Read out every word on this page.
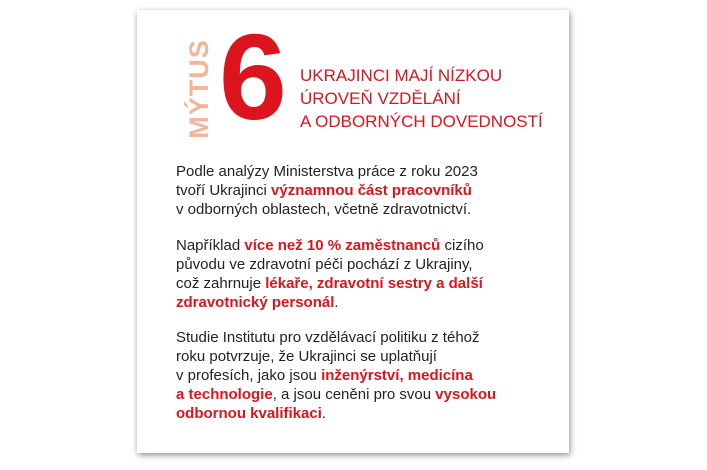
MÝTUS 6 UKRAJINCI MAJÍ NÍZKOU
ÚROVEŇ VZDĚLÁNÍ
A ODBORNÝCH DOVEDNOSTÍ

Podle analýzy Ministerstva práce z roku 2023
tvoří Ukrajinci významnou část pracovníků
v odborných oblastech, včetně zdravotnictví.

Například více než 10 % zaměstnanců cizího
původu ve zdravotní péči pochází z Ukrajiny,
což zahrnuje lékaře, zdravotní sestry a další
zdravotnický personál.

Studie Institutu pro vzdělávací politiku z téhož
roku potvrzuje, že Ukrajinci se uplatňují
v profesích, jako jsou inženýrství, medicína
a technologie, a jsou ceněni pro svou vysokou
odbornou kvalifikaci.
